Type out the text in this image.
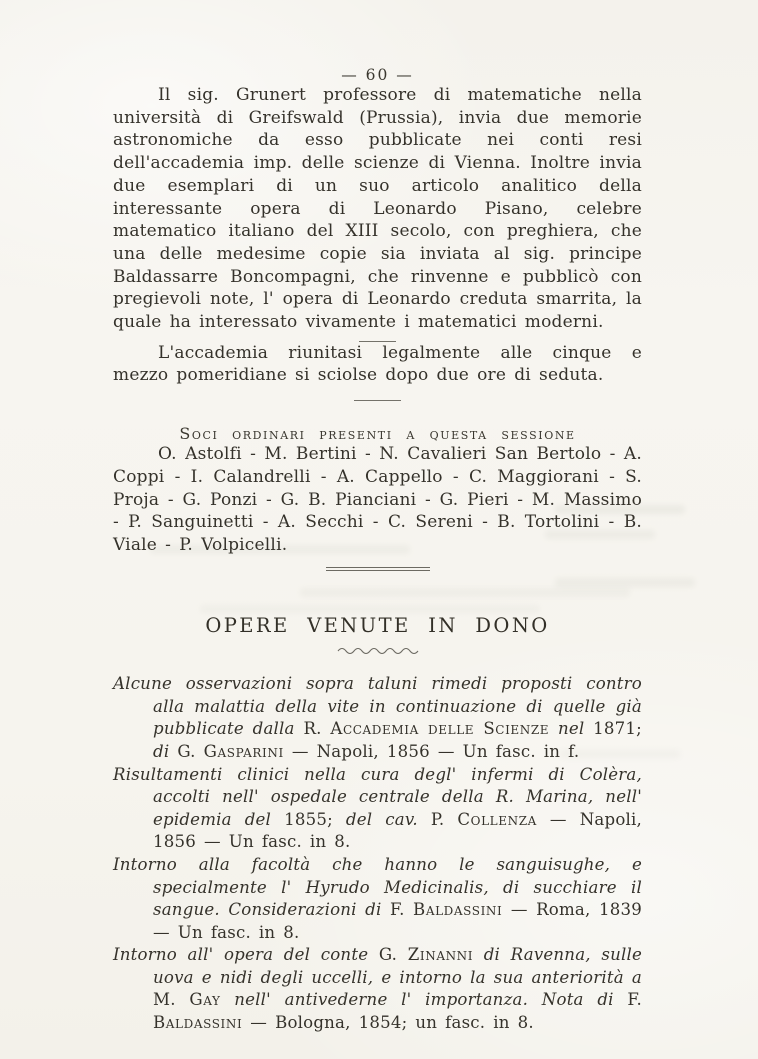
— 60 —

Il sig. Grunert professore di matematiche nella università di Greifswald (Prussia), invia due memorie astronomiche da esso pubblicate nei conti resi dell'accademia imp. delle scienze di Vienna. Inoltre invia due esemplari di un suo articolo analitico della interessante opera di Leonardo Pisano, celebre matematico italiano del XIII secolo, con preghiera, che una delle medesime copie sia inviata al sig. principe Baldassarre Boncompagni, che rinvenne e pubblicò con pregievoli note, l' opera di Leonardo creduta smarrita, la quale ha interessato vivamente i matematici moderni.

L'accademia riunitasi legalmente alle cinque e mezzo pomeridiane si sciolse dopo due ore di seduta.

Soci ordinari presenti a questa sessione

O. Astolfi - M. Bertini - N. Cavalieri San Bertolo - A. Coppi - I. Calandrelli - A. Cappello - C. Maggiorani - S. Proja - G. Ponzi - G. B. Pianciani - G. Pieri - M. Massimo - P. Sanguinetti - A. Secchi - C. Sereni - B. Tortolini - B. Viale - P. Volpicelli.

OPERE VENUTE IN DONO

Alcune osservazioni sopra taluni rimedi proposti contro alla malattia della vite in continuazione di quelle già pubblicate dalla R. Accademia delle Scienze nel 1871; di G. Gasparini — Napoli, 1856 — Un fasc. in f.

Risultamenti clinici nella cura degl' infermi di Colèra, accolti nell' ospedale centrale della R. Marina, nell' epidemia del 1855; del cav. P. Collenza — Napoli, 1856 — Un fasc. in 8.

Intorno alla facoltà che hanno le sanguisughe, e specialmente l' Hyrudo Medicinalis, di succhiare il sangue. Considerazioni di F. Baldassini — Roma, 1839 — Un fasc. in 8.

Intorno all' opera del conte G. Zinanni di Ravenna, sulle uova e nidi degli uccelli, e intorno la sua anteriorità a M. Gay nell' antivederne l' importanza. Nota di F. Baldassini — Bologna, 1854; un fasc. in 8.
